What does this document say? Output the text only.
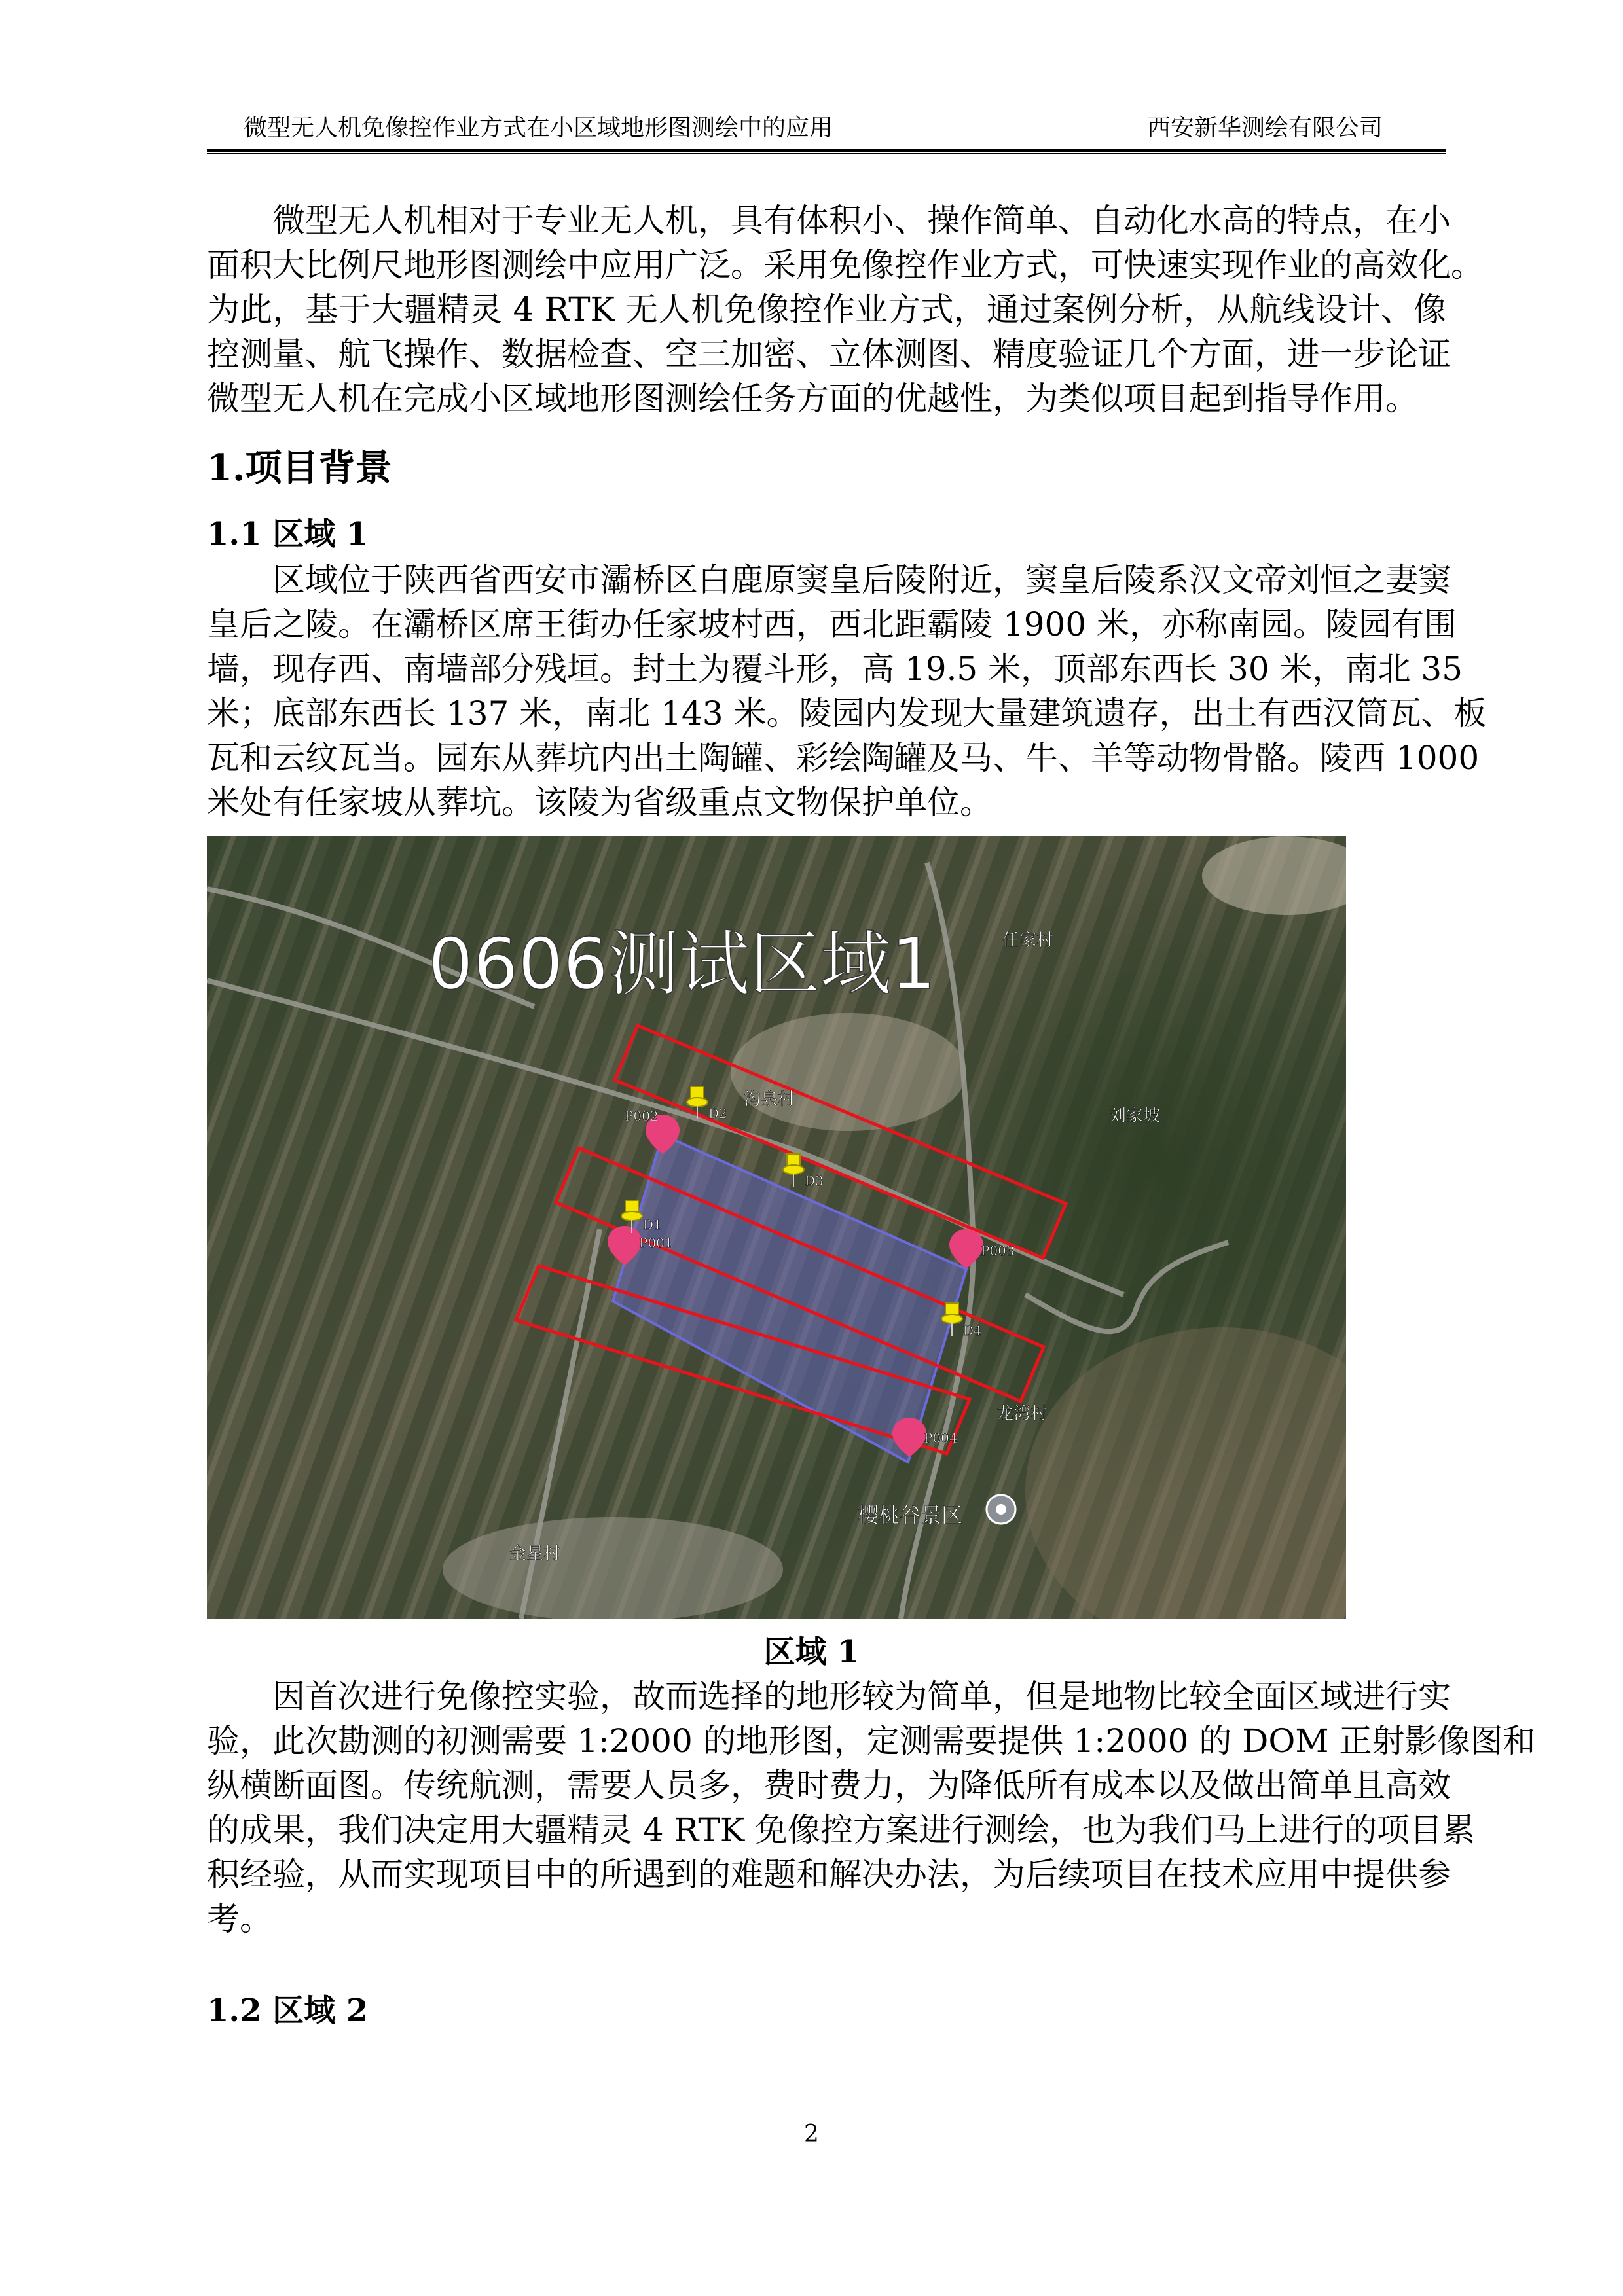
微型无人机免像控作业方式在小区域地形图测绘中的应用	西安新华测绘有限公司
微型无人机相对于专业无人机，具有体积小、操作简单、自动化水高的特点，在小
面积大比例尺地形图测绘中应用广泛。采用免像控作业方式，可快速实现作业的高效化。
为此，基于大疆精灵 4 RTK 无人机免像控作业方式，通过案例分析，从航线设计、像
控测量、航飞操作、数据检查、空三加密、立体测图、精度验证几个方面，进一步论证
微型无人机在完成小区域地形图测绘任务方面的优越性，为类似项目起到指导作用。
1.项目背景
1.1 区域 1
区域位于陕西省西安市灞桥区白鹿原窦皇后陵附近，窦皇后陵系汉文帝刘恒之妻窦
皇后之陵。在灞桥区席王街办任家坡村西，西北距霸陵 1900 米，亦称南园。陵园有围
墙，现存西、南墙部分残垣。封土为覆斗形，高 19.5 米，顶部东西长 30 米，南北 35
米；底部东西长 137 米，南北 143 米。陵园内发现大量建筑遗存，出土有西汉筒瓦、板
瓦和云纹瓦当。园东从葬坑内出土陶罐、彩绘陶罐及马、牛、羊等动物骨骼。陵西 1000
米处有任家坡从葬坑。该陵为省级重点文物保护单位。
D2
D3
D1
D4
P002
P001	P003
P004
0606测试区域1	任家村
沟泉村
刘家坡
龙湾村
金星村
樱桃谷景区
区域 1
因首次进行免像控实验，故而选择的地形较为简单，但是地物比较全面区域进行实
验，此次勘测的初测需要 1:2000 的地形图，定测需要提供 1:2000 的 DOM 正射影像图和
纵横断面图。传统航测，需要人员多，费时费力，为降低所有成本以及做出简单且高效
的成果，我们决定用大疆精灵 4 RTK 免像控方案进行测绘，也为我们马上进行的项目累
积经验，从而实现项目中的所遇到的难题和解决办法，为后续项目在技术应用中提供参
考。
1.2 区域 2
2
